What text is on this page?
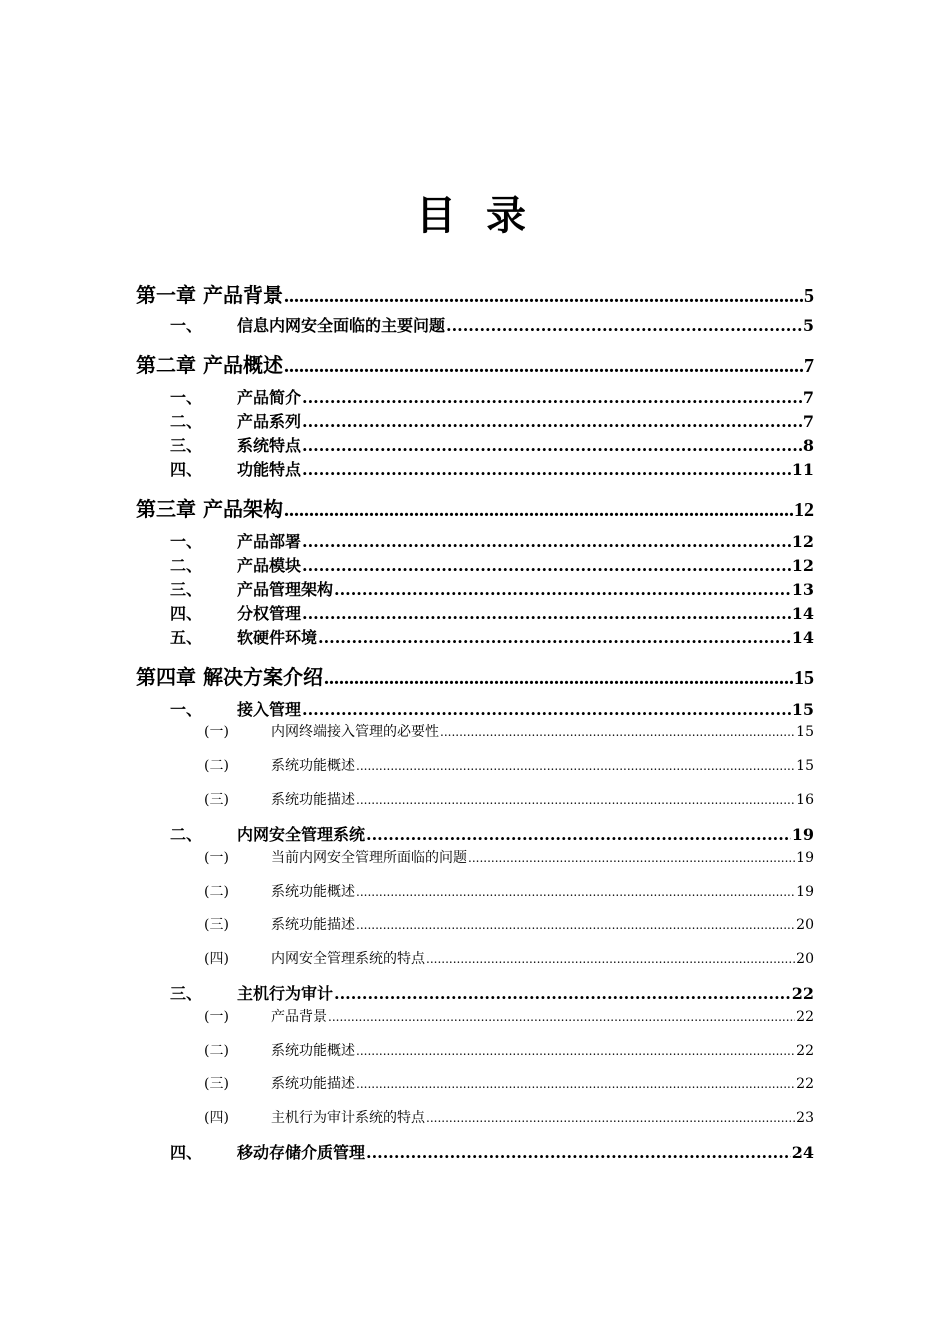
目 录
第一章 产品背景 .....	5
一、	信息内网安全面临的主要问题 .....	5
第二章 产品概述 .....	7
一、	产品简介 .....	7
二、	产品系列 .....	7
三、	系统特点 .....	8
四、	功能特点 .....	11
第三章 产品架构 .....	12
一、	产品部署 .....	12
二、	产品模块 .....	12
三、	产品管理架构 .....	13
四、	分权管理 .....	14
五、	软硬件环境 .....	14
第四章 解决方案介绍 .....	15
一、	接入管理 .....	15
(一)	内网终端接入管理的必要性 .....	15
(二)	系统功能概述 .....	15
(三)	系统功能描述 .....	16
二、	内网安全管理系统 .....	19
(一)	当前内网安全管理所面临的问题 .....	19
(二)	系统功能概述 .....	19
(三)	系统功能描述 .....	20
(四)	内网安全管理系统的特点 .....	20
三、	主机行为审计 .....	22
(一)	产品背景 .....	22
(二)	系统功能概述 .....	22
(三)	系统功能描述 .....	22
(四)	主机行为审计系统的特点 .....	23
四、	移动存储介质管理 .....	24
